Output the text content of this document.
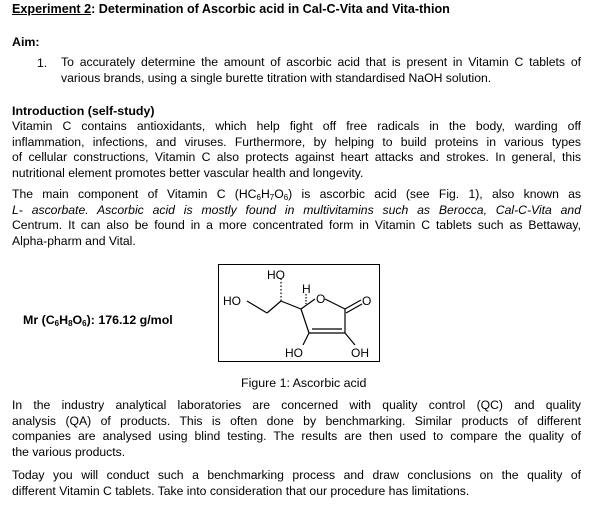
Experiment 2: Determination of Ascorbic acid in Cal-C-Vita and Vita-thion
Aim:
1. To accurately determine the amount of ascorbic acid that is present in Vitamin C tablets of
various brands, using a single burette titration with standardised NaOH solution.
Introduction (self-study)
Vitamin C contains antioxidants, which help fight off free radicals in the body, warding off
inflammation, infections, and viruses. Furthermore, by helping to build proteins in various types
of cellular constructions, Vitamin C also protects against heart attacks and strokes. In general, this
nutritional element promotes better vascular health and longevity.
The main component of Vitamin C $(HC_6H_7O_6)$ is ascorbic acid (see Fig. 1), also known as
L- ascorbate. Ascorbic acid is mostly found in multivitamins such as Berocca, Cal-C-Vita and
Centrum. It can also be found in a more concentrated form in Vitamin C tablets such as Bettaway,
Alpha-pharm and Vital.
Mr $(C_6H_8O_6)$: 176.12 g/mol
HO
HO
H
O	O
HO	OH
Figure 1: Ascorbic acid
In the industry analytical laboratories are concerned with quality control (QC) and quality
analysis (QA) of products. This is often done by benchmarking. Similar products of different
companies are analysed using blind testing. The results are then used to compare the quality of
the various products.
Today you will conduct such a benchmarking process and draw conclusions on the quality of
different Vitamin C tablets. Take into consideration that our procedure has limitations.
